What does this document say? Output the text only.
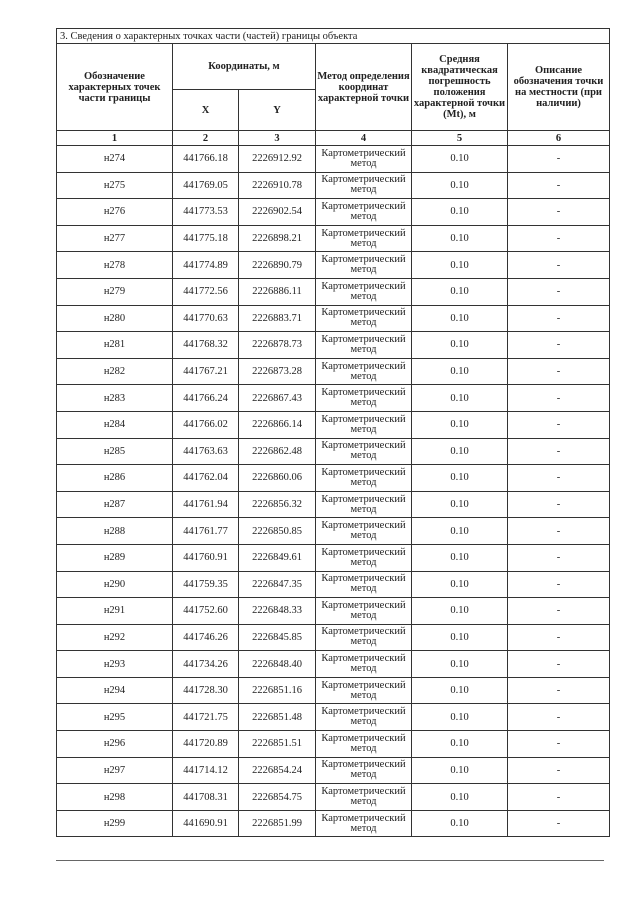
3. Сведения о характерных точках части (частей) границы объекта					
Обозначение характерных точек части границы	Координаты, м		Метод определения координат характерной точки	Средняя квадратическая погрешность положения характерной точки (Mt), м	Описание обозначения точки на местности (при наличии)
	X	Y			
1	2	3	4	5	6
н274	441766.18	2226912.92	Картометрический метод	0.10	-
н275	441769.05	2226910.78	Картометрический метод	0.10	-
н276	441773.53	2226902.54	Картометрический метод	0.10	-
н277	441775.18	2226898.21	Картометрический метод	0.10	-
н278	441774.89	2226890.79	Картометрический метод	0.10	-
н279	441772.56	2226886.11	Картометрический метод	0.10	-
н280	441770.63	2226883.71	Картометрический метод	0.10	-
н281	441768.32	2226878.73	Картометрический метод	0.10	-
н282	441767.21	2226873.28	Картометрический метод	0.10	-
н283	441766.24	2226867.43	Картометрический метод	0.10	-
н284	441766.02	2226866.14	Картометрический метод	0.10	-
н285	441763.63	2226862.48	Картометрический метод	0.10	-
н286	441762.04	2226860.06	Картометрический метод	0.10	-
н287	441761.94	2226856.32	Картометрический метод	0.10	-
н288	441761.77	2226850.85	Картометрический метод	0.10	-
н289	441760.91	2226849.61	Картометрический метод	0.10	-
н290	441759.35	2226847.35	Картометрический метод	0.10	-
н291	441752.60	2226848.33	Картометрический метод	0.10	-
н292	441746.26	2226845.85	Картометрический метод	0.10	-
н293	441734.26	2226848.40	Картометрический метод	0.10	-
н294	441728.30	2226851.16	Картометрический метод	0.10	-
н295	441721.75	2226851.48	Картометрический метод	0.10	-
н296	441720.89	2226851.51	Картометрический метод	0.10	-
н297	441714.12	2226854.24	Картометрический метод	0.10	-
н298	441708.31	2226854.75	Картометрический метод	0.10	-
н299	441690.91	2226851.99	Картометрический метод	0.10	-
